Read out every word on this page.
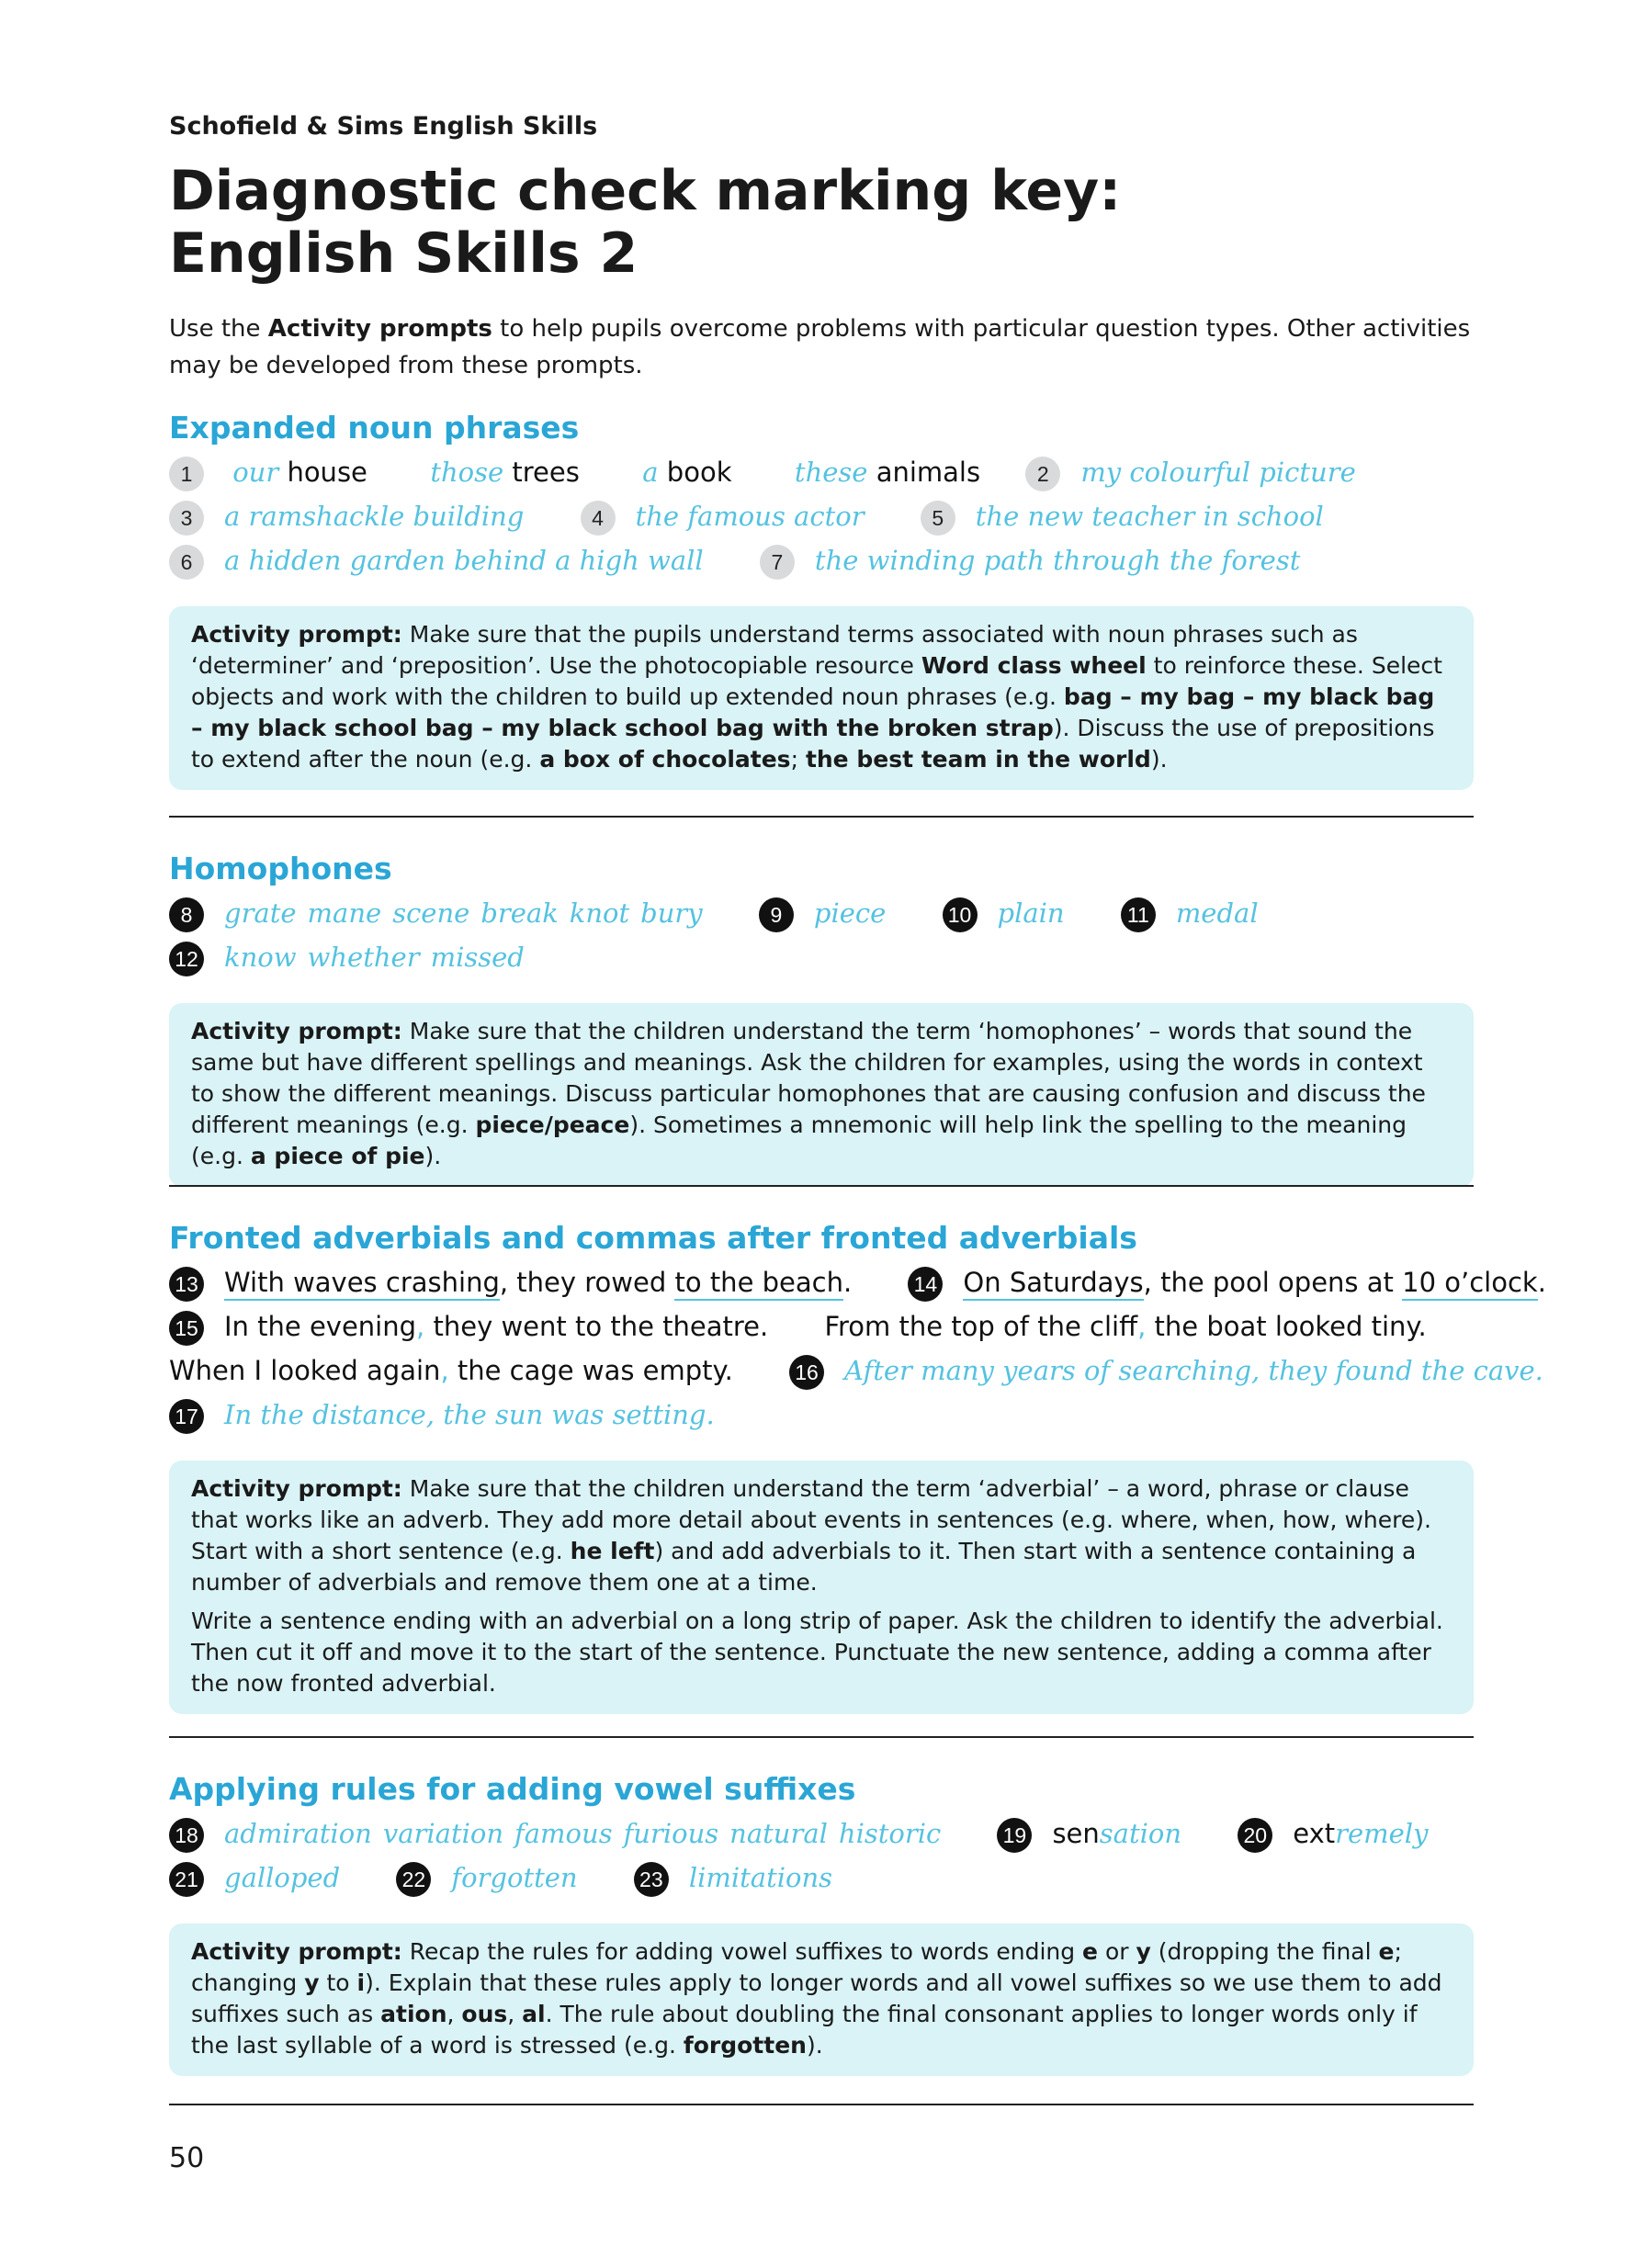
Schofield & Sims English Skills

Diagnostic check marking key:
English Skills 2

Use the Activity prompts to help pupils overcome problems with particular question types. Other activities may be developed from these prompts.

Expanded noun phrases
1 our house those trees a book these animals	2 my colourful picture
3 a ramshackle building	4 the famous actor	5 the new teacher in school
6 a hidden garden behind a high wall	7 the winding path through the forest

Activity prompt: Make sure that the pupils understand terms associated with noun phrases such as ‘determiner’ and ‘preposition’. Use the photocopiable resource Word class wheel to reinforce these. Select objects and work with the children to build up extended noun phrases (e.g. bag – my bag – my black bag – my black school bag – my black school bag with the broken strap). Discuss the use of prepositions to extend after the noun (e.g. a box of chocolates; the best team in the world).

Homophones
8 grate mane scene break knot bury	9 piece	10 plain	11 medal
12 know whether missed

Activity prompt: Make sure that the children understand the term ‘homophones’ – words that sound the same but have different spellings and meanings. Ask the children for examples, using the words in context to show the different meanings. Discuss particular homophones that are causing confusion and discuss the different meanings (e.g. piece/peace). Sometimes a mnemonic will help link the spelling to the meaning (e.g. a piece of pie).

Fronted adverbials and commas after fronted adverbials
13 With waves crashing, they rowed to the beach.	14 On Saturdays, the pool opens at 10 o’clock.
15 In the evening, they went to the theatre. From the top of the cliff, the boat looked tiny.
When I looked again, the cage was empty.	16 After many years of searching, they found the cave.
17 In the distance, the sun was setting.

Activity prompt: Make sure that the children understand the term ‘adverbial’ – a word, phrase or clause that works like an adverb. They add more detail about events in sentences (e.g. where, when, how, where). Start with a short sentence (e.g. he left) and add adverbials to it. Then start with a sentence containing a number of adverbials and remove them one at a time.

Write a sentence ending with an adverbial on a long strip of paper. Ask the children to identify the adverbial. Then cut it off and move it to the start of the sentence. Punctuate the new sentence, adding a comma after the now fronted adverbial.

Applying rules for adding vowel suffixes
18 admiration variation famous furious natural historic	19 sensation	20 extremely
21 galloped	22 forgotten	23 limitations

Activity prompt: Recap the rules for adding vowel suffixes to words ending e or y (dropping the final e; changing y to i). Explain that these rules apply to longer words and all vowel suffixes so we use them to add suffixes such as ation, ous, al. The rule about doubling the final consonant applies to longer words only if the last syllable of a word is stressed (e.g. forgotten).

50
